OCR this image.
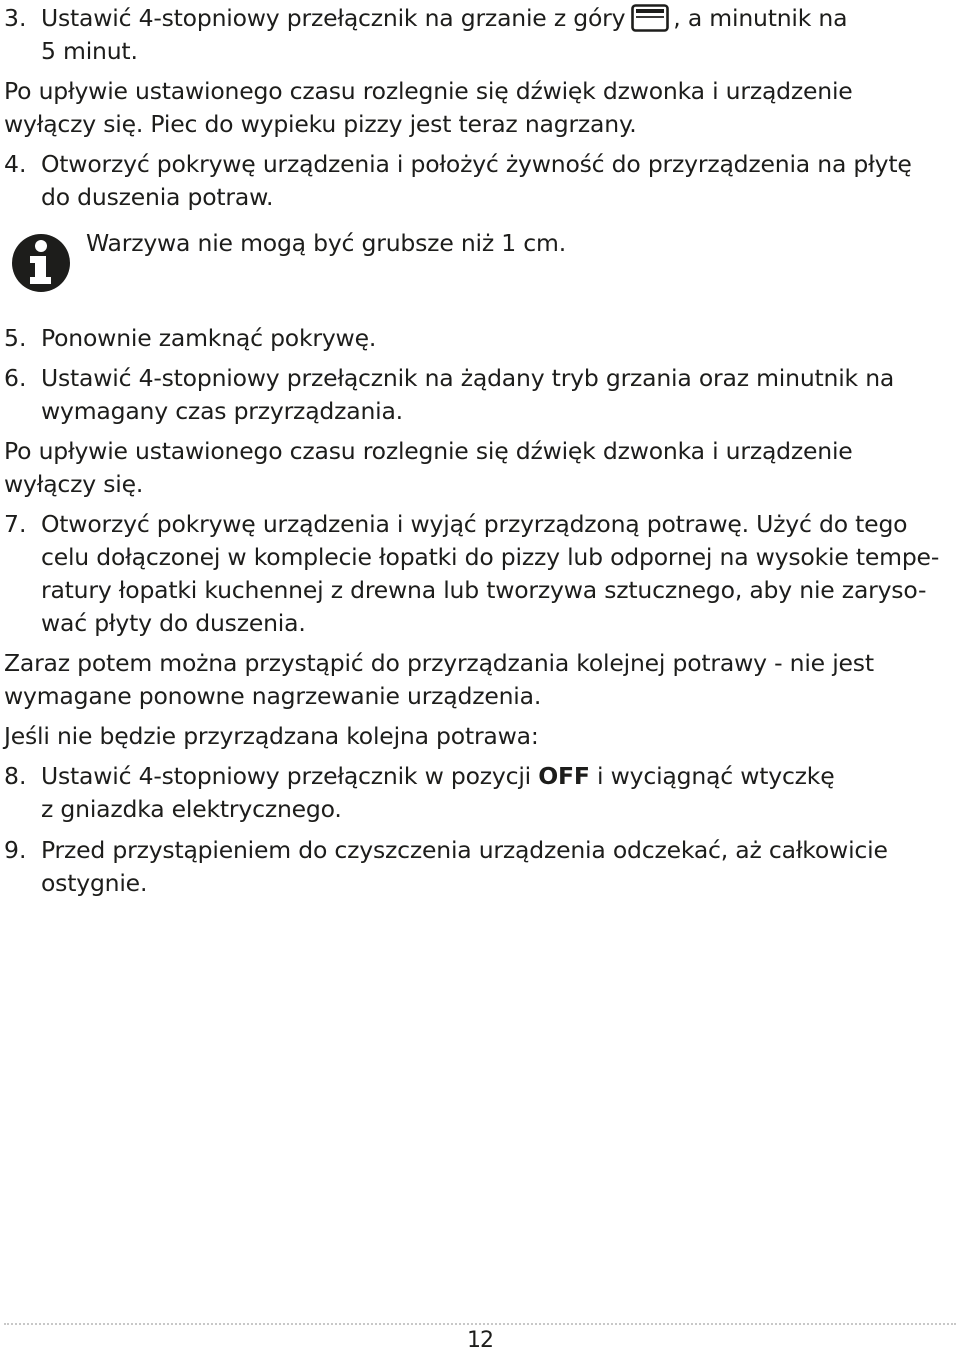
3. Ustawić 4-stopniowy przełącznik na grzanie z góry , a minutnik na
5 minut.
Po upływie ustawionego czasu rozlegnie się dźwięk dzwonka i urządzenie
wyłączy się. Piec do wypieku pizzy jest teraz nagrzany.
4. Otworzyć pokrywę urządzenia i położyć żywność do przyrządzenia na płytę
do duszenia potraw.
Warzywa nie mogą być grubsze niż 1 cm.
5. Ponownie zamknąć pokrywę.
6. Ustawić 4-stopniowy przełącznik na żądany tryb grzania oraz minutnik na
wymagany czas przyrządzania.
Po upływie ustawionego czasu rozlegnie się dźwięk dzwonka i urządzenie
wyłączy się.
7. Otworzyć pokrywę urządzenia i wyjąć przyrządzoną potrawę. Użyć do tego
celu dołączonej w komplecie łopatki do pizzy lub odpornej na wysokie tempe-
ratury łopatki kuchennej z drewna lub tworzywa sztucznego, aby nie zaryso-
wać płyty do duszenia.
Zaraz potem można przystąpić do przyrządzania kolejnej potrawy - nie jest
wymagane ponowne nagrzewanie urządzenia.
Jeśli nie będzie przyrządzana kolejna potrawa:
8. Ustawić 4-stopniowy przełącznik w pozycji OFF i wyciągnąć wtyczkę
z gniazdka elektrycznego.
9. Przed przystąpieniem do czyszczenia urządzenia odczekać, aż całkowicie
ostygnie.
12
